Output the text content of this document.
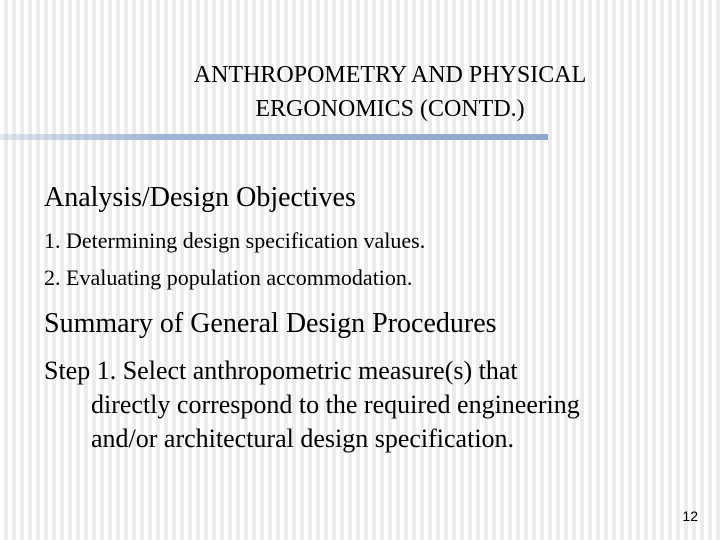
ANTHROPOMETRY AND PHYSICAL
ERGONOMICS (CONTD.)
Analysis/Design Objectives
1. Determining design specification values.
2. Evaluating population accommodation.
Summary of General Design Procedures
Step 1. Select anthropometric measure(s) that
directly correspond to the required engineering
and/or architectural design specification.
12
